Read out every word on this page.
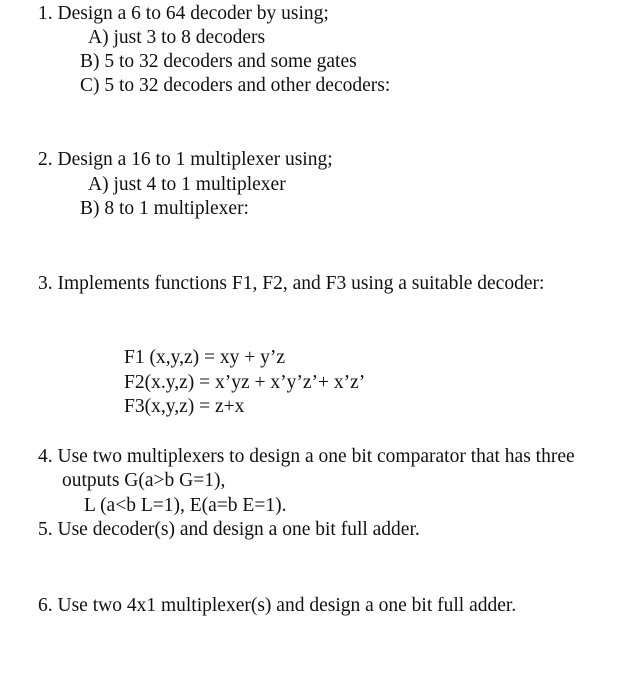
1. Design a 6 to 64 decoder by using;
A) just 3 to 8 decoders
B) 5 to 32 decoders and some gates
C) 5 to 32 decoders and other decoders:
2. Design a 16 to 1 multiplexer using;
A) just 4 to 1 multiplexer
B) 8 to 1 multiplexer:
3. Implements functions F1, F2, and F3 using a suitable decoder:
F1 (x,y,z) = xy + y’z
F2(x.y,z) = x’yz + x’y’z’+ x’z’
F3(x,y,z) = z+x
4. Use two multiplexers to design a one bit comparator that has three
outputs G(a>b G=1),
L (a<b L=1), E(a=b E=1).
5. Use decoder(s) and design a one bit full adder.
6. Use two 4x1 multiplexer(s) and design a one bit full adder.
